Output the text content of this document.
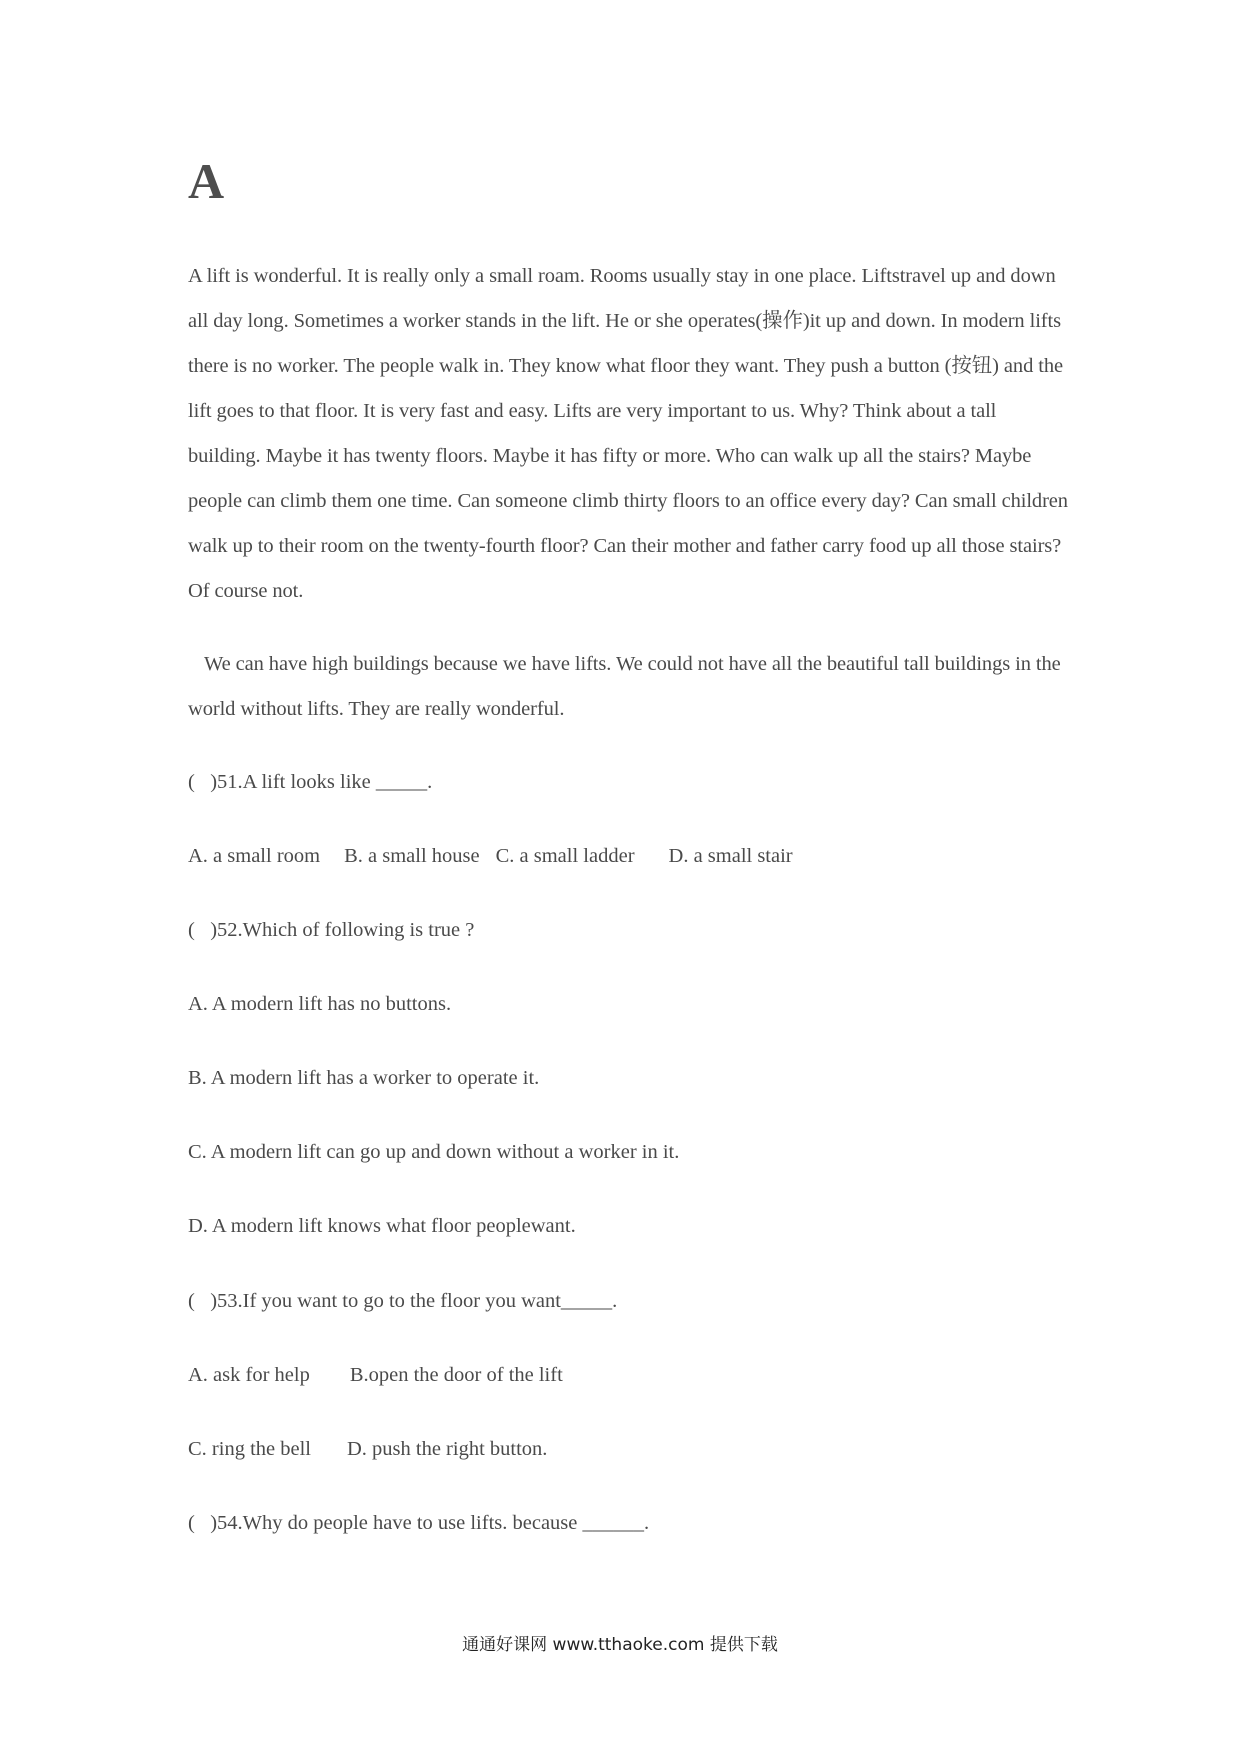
A

A lift is wonderful. It is really only a small roam. Rooms usually stay in one place. Liftstravel up and down all day long. Sometimes a worker stands in the lift. He or she operates(操作)it up and down. In modern lifts there is no worker. The people walk in. They know what floor they want. They push a button (按钮) and the lift goes to that floor. It is very fast and easy. Lifts are very important to us. Why? Think about a tall building. Maybe it has twenty floors. Maybe it has fifty or more. Who can walk up all the stairs? Maybe people can climb them one time. Can someone climb thirty floors to an office every day? Can small children walk up to their room on the twenty-fourth floor? Can their mother and father carry food up all those stairs? Of course not.

We can have high buildings because we have lifts. We could not have all the beautiful tall buildings in the world without lifts. They are really wonderful.

(   )51.A lift looks like _____.
A. a small room B. a small house C. a small ladder D. a small stair
(   )52.Which of following is true ?
A. A modern lift has no buttons.
B. A modern lift has a worker to operate it.
C. A modern lift can go up and down without a worker in it.
D. A modern lift knows what floor peoplewant.
(   )53.If you want to go to the floor you want_____.
A. ask for help B.open the door of the lift
C. ring the bell D. push the right button.
(   )54.Why do people have to use lifts. because ______.
通通好课网 www.tthaoke.com 提供下载
